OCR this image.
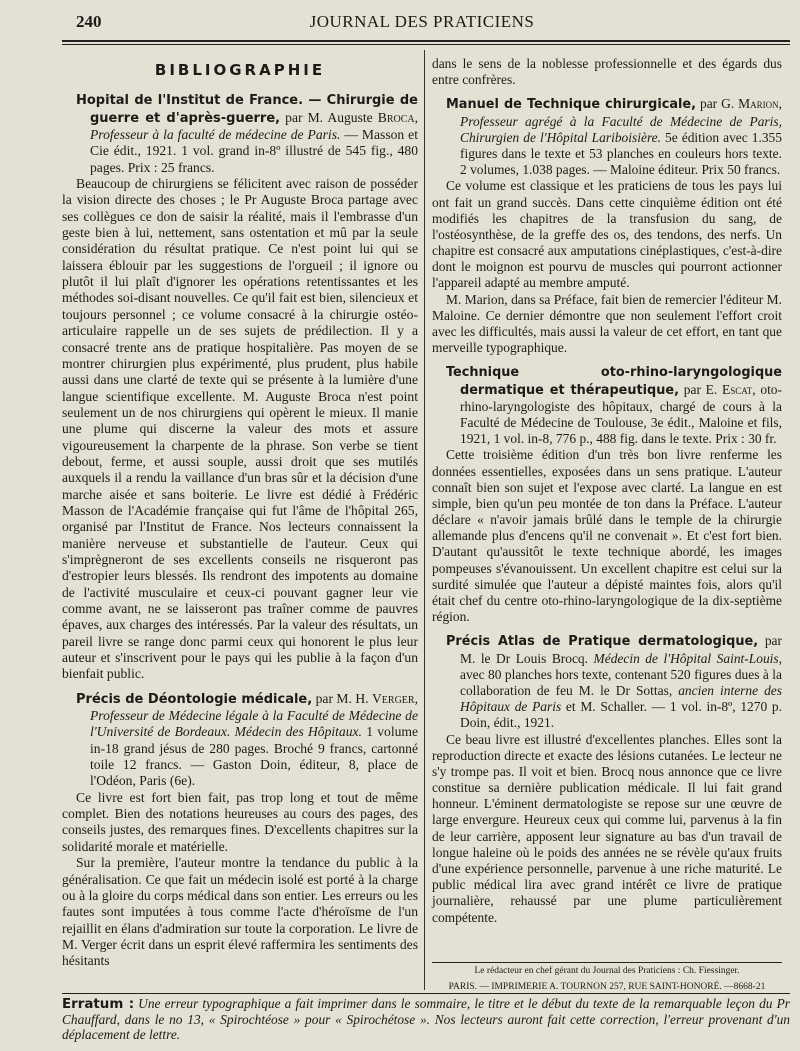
240	JOURNAL DES PRATICIENS
BIBLIOGRAPHIE

Hopital de l'Institut de France. — Chirurgie de guerre et d'après-guerre, par M. Auguste Broca, Professeur à la faculté de médecine de Paris. — Masson et Cie édit., 1921. 1 vol. grand in-8º illustré de 545 fig., 480 pages. Prix : 25 francs.

Beaucoup de chirurgiens se félicitent avec raison de posséder la vision directe des choses ; le Pr Auguste Broca partage avec ses collègues ce don de saisir la réalité, mais il l'embrasse d'un geste bien à lui, nettement, sans ostentation et mû par la seule considération du résultat pratique. Ce n'est point lui qui se laissera éblouir par les suggestions de l'orgueil ; il ignore ou plutôt il lui plaît d'ignorer les opérations retentissantes et les méthodes soi-disant nouvelles. Ce qu'il fait est bien, silencieux et toujours personnel ; ce volume consacré à la chirurgie ostéo-articulaire rappelle un de ses sujets de prédilection. Il y a consacré trente ans de pratique hospitalière. Pas moyen de se montrer chirurgien plus expérimenté, plus prudent, plus habile aussi dans une clarté de texte qui se présente à la lumière d'une langue scientifique excellente. M. Auguste Broca n'est point seulement un de nos chirurgiens qui opèrent le mieux. Il manie une plume qui discerne la valeur des mots et assure vigoureusement la charpente de la phrase. Son verbe se tient debout, ferme, et aussi souple, aussi droit que ses mutilés auxquels il a rendu la vaillance d'un bras sûr et la décision d'une marche aisée et sans boiterie. Le livre est dédié à Frédéric Masson de l'Académie française qui fut l'âme de l'hôpital 265, organisé par l'Institut de France. Nos lecteurs connaissent la manière nerveuse et substantielle de l'auteur. Ceux qui s'imprègneront de ses excellents conseils ne risqueront pas d'estropier leurs blessés. Ils rendront des impotents au domaine de l'activité musculaire et ceux-ci pouvant gagner leur vie comme avant, ne se laisseront pas traîner comme de pauvres épaves, aux charges des intéressés. Par la valeur des résultats, un pareil livre se range donc parmi ceux qui honorent le plus leur auteur et s'inscrivent pour le pays qui les publie à la façon d'un bienfait public.

Précis de Déontologie médicale, par M. H. Verger, Professeur de Médecine légale à la Faculté de Médecine de l'Université de Bordeaux. Médecin des Hôpitaux. 1 volume in-18 grand jésus de 280 pages. Broché 9 francs, cartonné toile 12 francs. — Gaston Doin, éditeur, 8, place de l'Odéon, Paris (6e).

Ce livre est fort bien fait, pas trop long et tout de même complet. Bien des notations heureuses au cours des pages, des conseils justes, des remarques fines. D'excellents chapitres sur la solidarité morale et matérielle.

Sur la première, l'auteur montre la tendance du public à la généralisation. Ce que fait un médecin isolé est porté à la charge ou à la gloire du corps médical dans son entier. Les erreurs ou les fautes sont imputées à tous comme l'acte d'héroïsme de l'un rejaillit en élans d'admiration sur toute la corporation. Le livre de M. Verger écrit dans un esprit élevé raffermira les sentiments des hésitants

dans le sens de la noblesse professionnelle et des égards dus entre confrères.

Manuel de Technique chirurgicale, par G. Marion, Professeur agrégé à la Faculté de Médecine de Paris, Chirurgien de l'Hôpital Lariboisière. 5e édition avec 1.355 figures dans le texte et 53 planches en couleurs hors texte. 2 volumes, 1.038 pages. — Maloine éditeur. Prix 50 francs.

Ce volume est classique et les praticiens de tous les pays lui ont fait un grand succès. Dans cette cinquième édition ont été modifiés les chapitres de la transfusion du sang, de l'ostéosynthèse, de la greffe des os, des tendons, des nerfs. Un chapitre est consacré aux amputations cinéplastiques, c'est-à-dire dont le moignon est pourvu de muscles qui pourront actionner l'appareil adapté au membre amputé.

M. Marion, dans sa Préface, fait bien de remercier l'éditeur M. Maloine. Ce dernier démontre que non seulement l'effort croit avec les difficultés, mais aussi la valeur de cet effort, en tant que merveille typographique.

Technique oto-rhino-laryngologique dermatique et thérapeutique, par E. Escat, oto-rhino-laryngologiste des hôpitaux, chargé de cours à la Faculté de Médecine de Toulouse, 3e édit., Maloine et fils, 1921, 1 vol. in-8, 776 p., 488 fig. dans le texte. Prix : 30 fr.

Cette troisième édition d'un très bon livre renferme les données essentielles, exposées dans un sens pratique. L'auteur connaît bien son sujet et l'expose avec clarté. La langue en est simple, bien qu'un peu montée de ton dans la Préface. L'auteur déclare « n'avoir jamais brûlé dans le temple de la chirurgie allemande plus d'encens qu'il ne convenait ». Et c'est fort bien. D'autant qu'aussitôt le texte technique abordé, les images pompeuses s'évanouissent. Un excellent chapitre est celui sur la surdité simulée que l'auteur a dépisté maintes fois, alors qu'il était chef du centre oto-rhino-laryngologique de la dix-septième région.

Précis Atlas de Pratique dermatologique, par M. le Dr Louis Brocq. Médecin de l'Hôpital Saint-Louis, avec 80 planches hors texte, contenant 520 figures dues à la collaboration de feu M. le Dr Sottas, ancien interne des Hôpitaux de Paris et M. Schaller. — 1 vol. in-8º, 1270 p. Doin, édit., 1921.

Ce beau livre est illustré d'excellentes planches. Elles sont la reproduction directe et exacte des lésions cutanées. Le lecteur ne s'y trompe pas. Il voit et bien. Brocq nous annonce que ce livre constitue sa dernière publication médicale. Il lui fait grand honneur. L'éminent dermatologiste se repose sur une œuvre de large envergure. Heureux ceux qui comme lui, parvenus à la fin de leur carrière, apposent leur signature au bas d'un travail de longue haleine où le poids des années ne se révèle qu'aux fruits d'une expérience personnelle, parvenue à une riche maturité. Le public médical lira avec grand intérêt ce livre de pratique journalière, rehaussé par une plume particulièrement compétente.

Le rédacteur en chef gérant du Journal des Praticiens : Ch. Fiessinger.
PARIS. — IMPRIMERIE A. TOURNON 257, RUE SAINT-HONORÉ. —8668-21
Erratum : Une erreur typographique a fait imprimer dans le sommaire, le titre et le début du texte de la remarquable leçon du Pr Chauffard, dans le no 13, « Spirochtéose » pour « Spirochétose ». Nos lecteurs auront fait cette correction, l'erreur provenant d'un déplacement de lettre.
